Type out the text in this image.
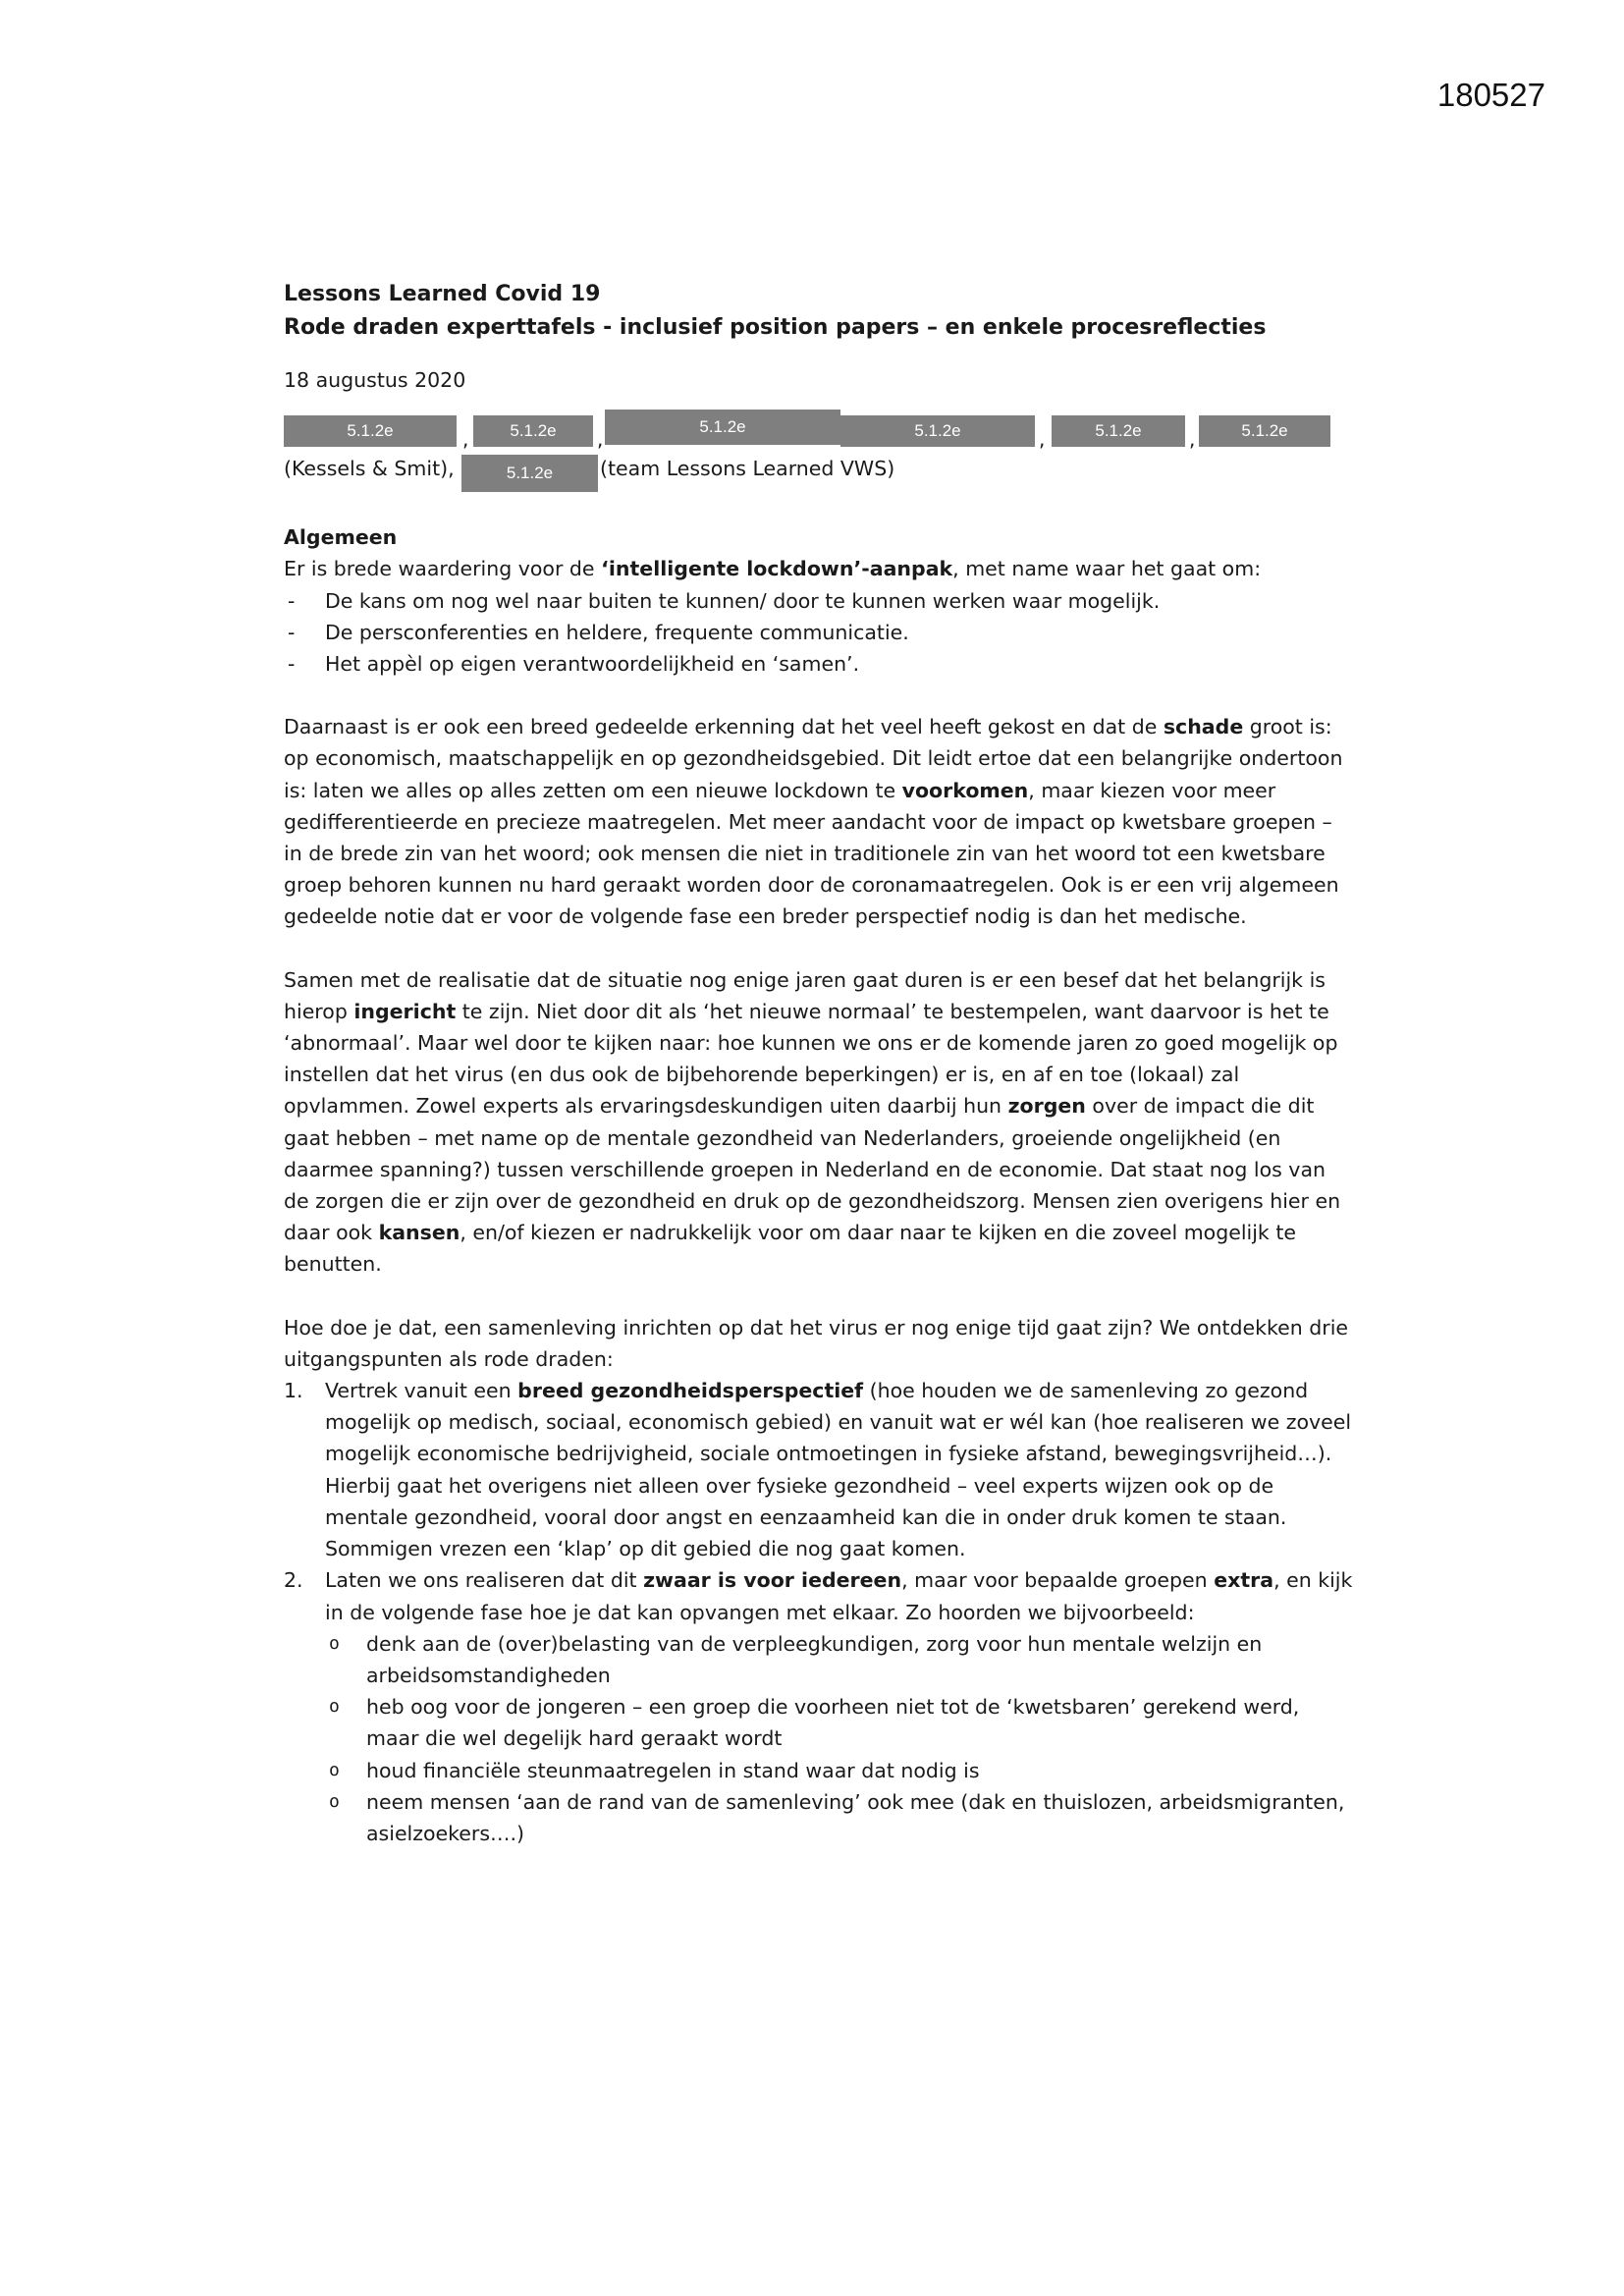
180527
Lessons Learned Covid 19
Rode draden experttafels - inclusief position papers – en enkele procesreflecties
18 augustus 2020
5.1.2e	,	5.1.2e	,
5.1.2e	5.1.2e	,	5.1.2e	,	5.1.2e
(Kessels & Smit),	5.1.2e	(team Lessons Learned VWS)
Algemeen

Er is brede waardering voor de ‘intelligente lockdown’-aanpak, met name waar het gaat om:

- De kans om nog wel naar buiten te kunnen/ door te kunnen werken waar mogelijk.
- De persconferenties en heldere, frequente communicatie.
- Het appèl op eigen verantwoordelijkheid en ‘samen’.

Daarnaast is er ook een breed gedeelde erkenning dat het veel heeft gekost en dat de schade groot is: op economisch, maatschappelijk en op gezondheidsgebied. Dit leidt ertoe dat een belangrijke ondertoon is: laten we alles op alles zetten om een nieuwe lockdown te voorkomen, maar kiezen voor meer gedifferentieerde en precieze maatregelen. Met meer aandacht voor de impact op kwetsbare groepen – in de brede zin van het woord; ook mensen die niet in traditionele zin van het woord tot een kwetsbare groep behoren kunnen nu hard geraakt worden door de coronamaatregelen. Ook is er een vrij algemeen gedeelde notie dat er voor de volgende fase een breder perspectief nodig is dan het medische.

Samen met de realisatie dat de situatie nog enige jaren gaat duren is er een besef dat het belangrijk is hierop ingericht te zijn. Niet door dit als ‘het nieuwe normaal’ te bestempelen, want daarvoor is het te ‘abnormaal’. Maar wel door te kijken naar: hoe kunnen we ons er de komende jaren zo goed mogelijk op instellen dat het virus (en dus ook de bijbehorende beperkingen) er is, en af en toe (lokaal) zal opvlammen. Zowel experts als ervaringsdeskundigen uiten daarbij hun zorgen over de impact die dit gaat hebben – met name op de mentale gezondheid van Nederlanders, groeiende ongelijkheid (en daarmee spanning?) tussen verschillende groepen in Nederland en de economie. Dat staat nog los van de zorgen die er zijn over de gezondheid en druk op de gezondheidszorg. Mensen zien overigens hier en daar ook kansen, en/of kiezen er nadrukkelijk voor om daar naar te kijken en die zoveel mogelijk te benutten.

Hoe doe je dat, een samenleving inrichten op dat het virus er nog enige tijd gaat zijn? We ontdekken drie uitgangspunten als rode draden:

1. Vertrek vanuit een breed gezondheidsperspectief (hoe houden we de samenleving zo gezond mogelijk op medisch, sociaal, economisch gebied) en vanuit wat er wél kan (hoe realiseren we zoveel mogelijk economische bedrijvigheid, sociale ontmoetingen in fysieke afstand, bewegingsvrijheid…). Hierbij gaat het overigens niet alleen over fysieke gezondheid – veel experts wijzen ook op de mentale gezondheid, vooral door angst en eenzaamheid kan die in onder druk komen te staan. Sommigen vrezen een ‘klap’ op dit gebied die nog gaat komen.
2. Laten we ons realiseren dat dit zwaar is voor iedereen, maar voor bepaalde groepen extra, en kijk in de volgende fase hoe je dat kan opvangen met elkaar. Zo hoorden we bijvoorbeeld:
o denk aan de (over)belasting van de verpleegkundigen, zorg voor hun mentale welzijn en arbeidsomstandigheden
o heb oog voor de jongeren – een groep die voorheen niet tot de ‘kwetsbaren’ gerekend werd, maar die wel degelijk hard geraakt wordt
o houd financiële steunmaatregelen in stand waar dat nodig is
o neem mensen ‘aan de rand van de samenleving’ ook mee (dak en thuislozen, arbeidsmigranten, asielzoekers….)
